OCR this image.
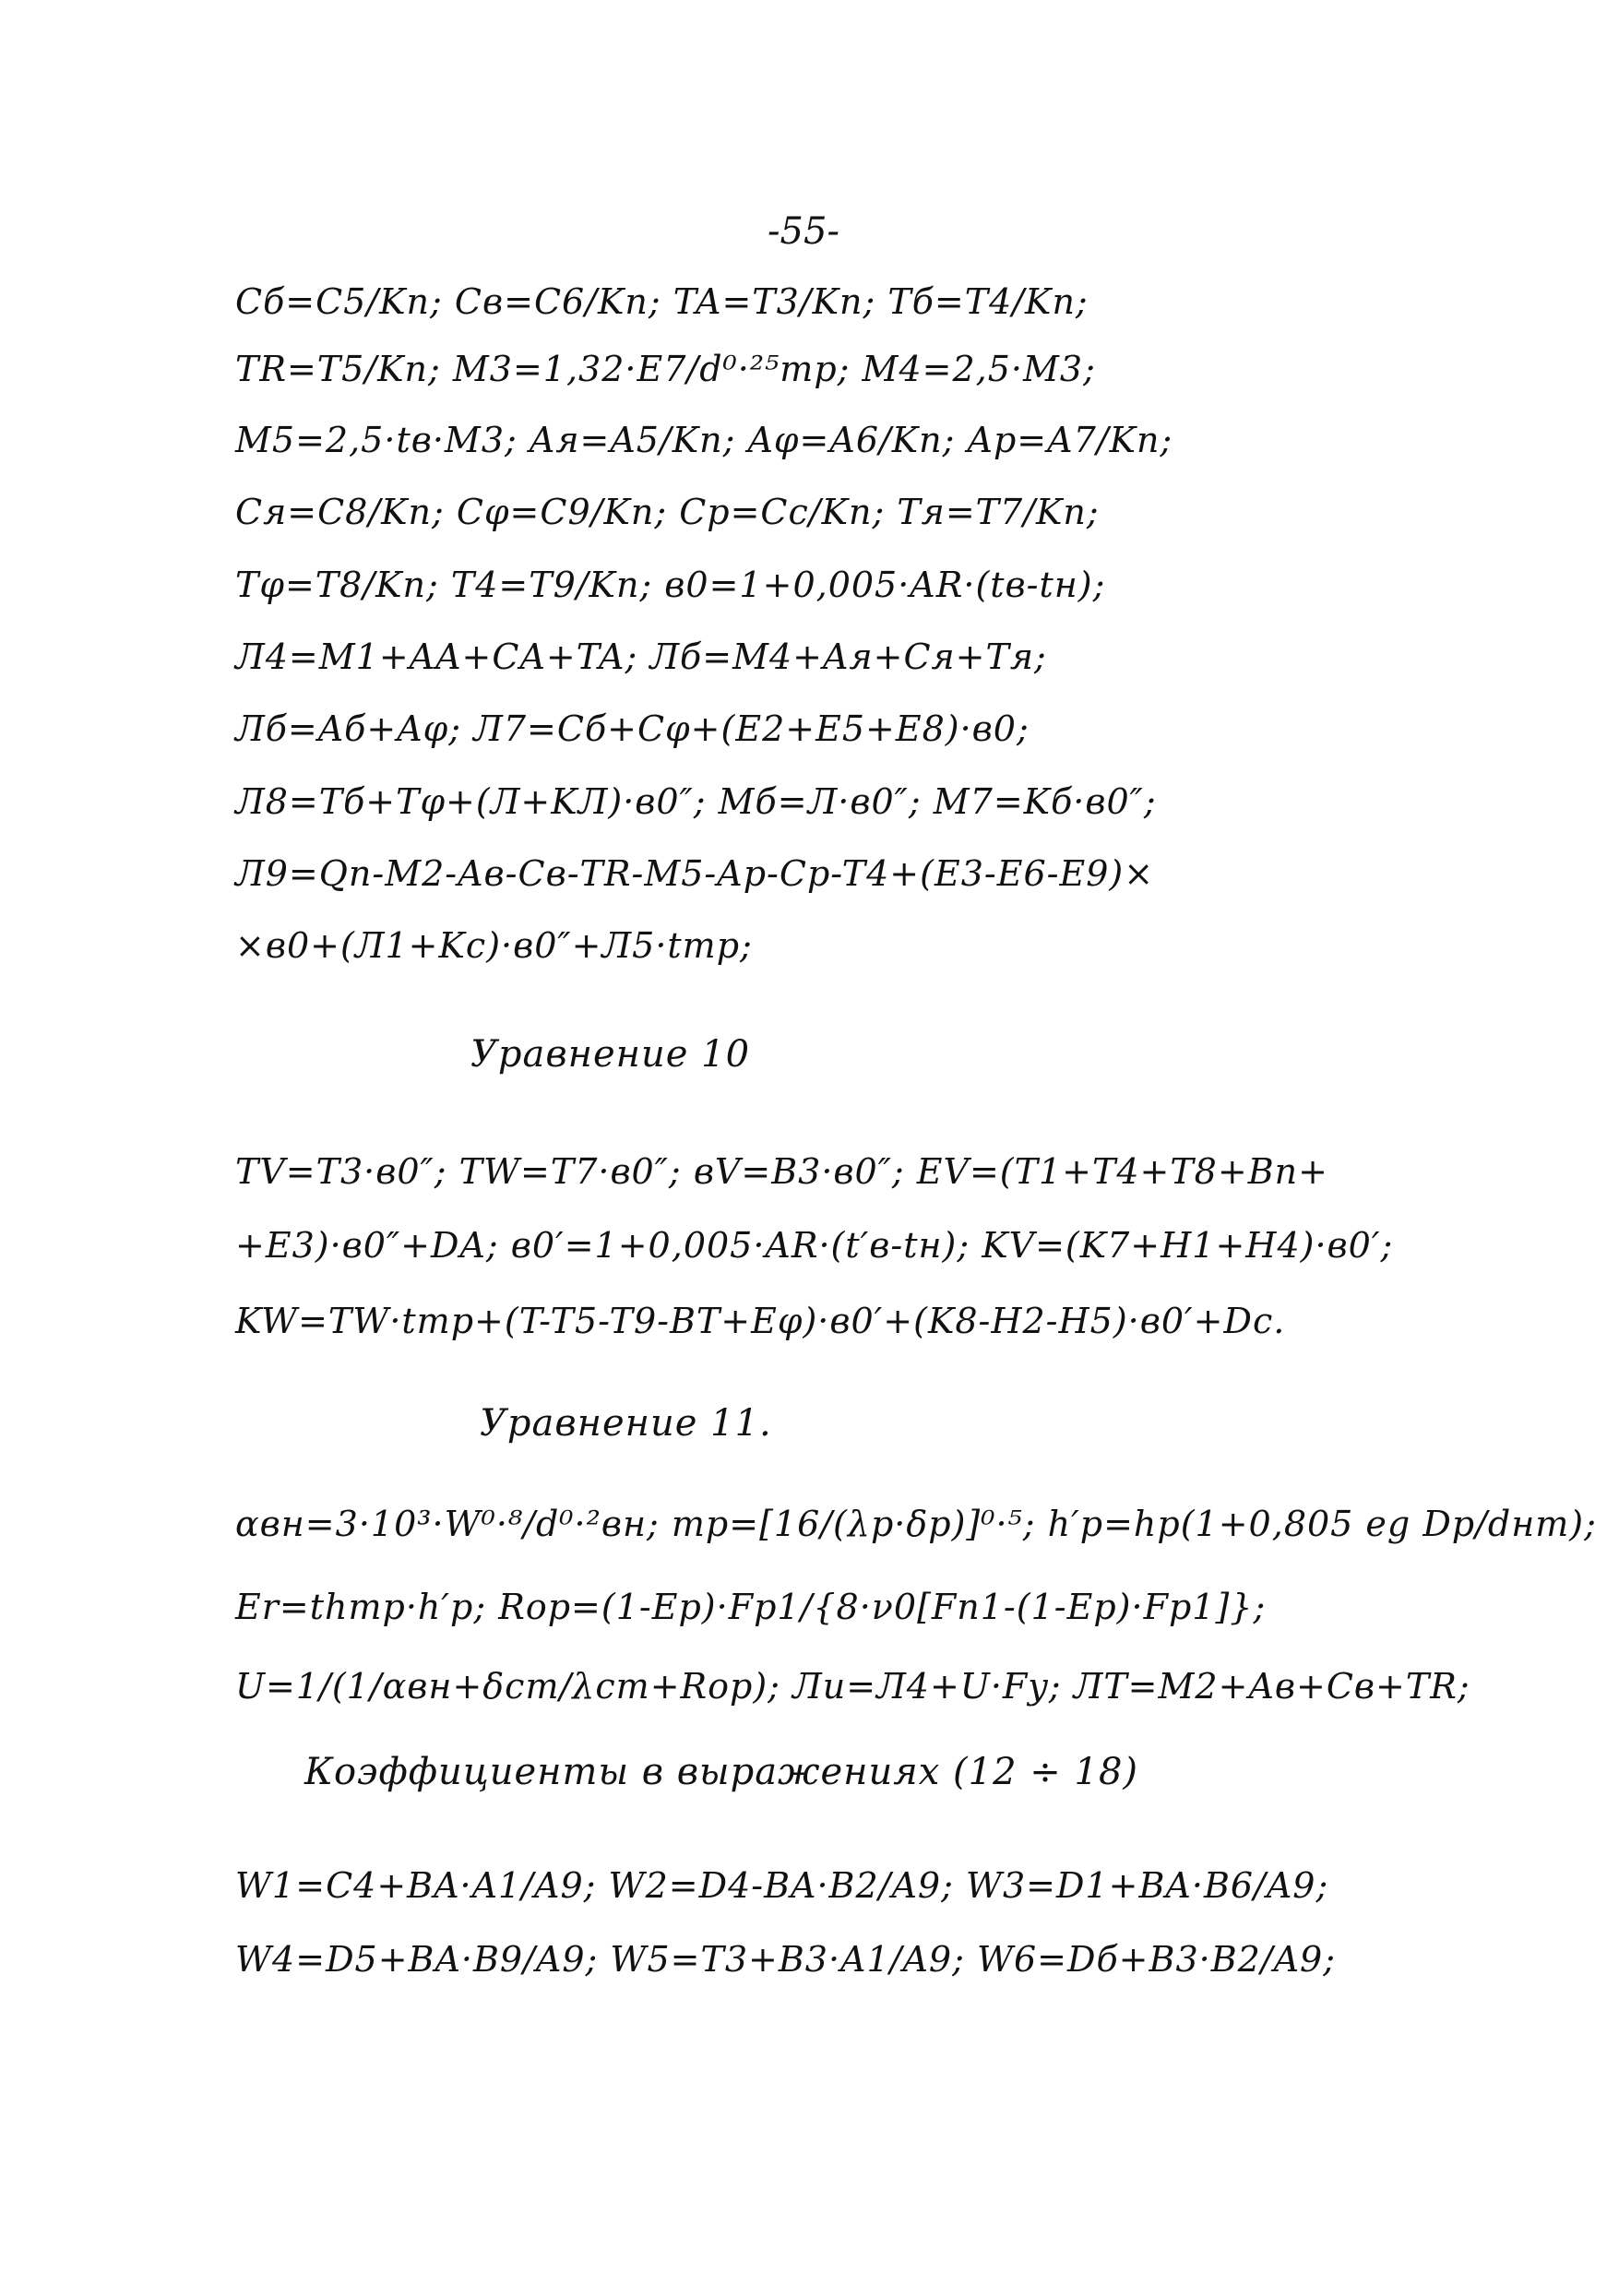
-55-
Cб=C5/Kп; Cв=C6/Kп; TA=T3/Kп; Tб=T4/Kп;
TR=T5/Kп; M3=1,32·E7/d⁰·²⁵тр; M4=2,5·M3;
M5=2,5·tв·M3; Aя=A5/Kп; Aφ=A6/Kп; Ap=A7/Kп;
Cя=C8/Kп; Cφ=C9/Kп; Cp=Cc/Kп; Tя=T7/Kп;
Tφ=T8/Kп; T4=T9/Kп; в0=1+0,005·AR·(tв-tн);
Л4=M1+AA+CA+TA; Лб=M4+Aя+Cя+Tя;
Лб=Aб+Aφ; Л7=Cб+Cφ+(E2+E5+E8)·в0;
Л8=Tб+Tφ+(Л+KЛ)·в0″; Mб=Л·в0″; M7=Kб·в0″;
Л9=Qп-M2-Aв-Cв-TR-M5-Ap-Cp-T4+(E3-E6-E9)×
×в0+(Л1+Kc)·в0″+Л5·tтр;
Уравнение 10
TV=T3·в0″; TW=T7·в0″; вV=B3·в0″; EV=(T1+T4+T8+Bп+
+E3)·в0″+DA; в0′=1+0,005·AR·(t′в-tн); KV=(K7+H1+H4)·в0′;
KW=TW·tтр+(T-T5-T9-BT+Eφ)·в0′+(K8-H2-H5)·в0′+Dc.
Уравнение 11.
αвн=3·10³·W⁰·⁸/d⁰·²вн; mp=[16/(λp·δp)]⁰·⁵; h′p=hp(1+0,805 eg Dp/dнт);
Er=thmp·h′p; Rop=(1-Ep)·Fp1/{8·ν0[Fп1-(1-Ep)·Fp1]};
U=1/(1/αвн+δст/λст+Rop); Лu=Л4+U·Fy; ЛT=M2+Aв+Cв+TR;
Коэффициенты в выражениях (12 ÷ 18)
W1=C4+BA·A1/A9; W2=D4-BA·B2/A9; W3=D1+BA·B6/A9;
W4=D5+BA·B9/A9; W5=T3+B3·A1/A9; W6=Dб+B3·B2/A9;
